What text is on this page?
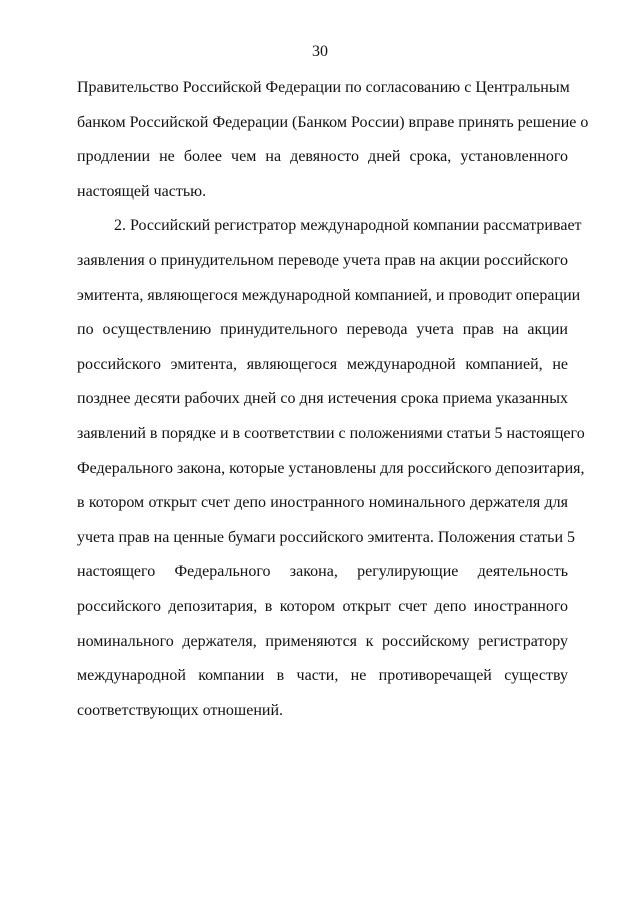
30
Правительство Российской Федерации по согласованию с Центральным
банком Российской Федерации (Банком России) вправе принять решение о
продлении не более чем на девяносто дней срока, установленного
настоящей частью.
2. Российский регистратор международной компании рассматривает
заявления о принудительном переводе учета прав на акции российского
эмитента, являющегося международной компанией, и проводит операции
по осуществлению принудительного перевода учета прав на акции
российского эмитента, являющегося международной компанией, не
позднее десяти рабочих дней со дня истечения срока приема указанных
заявлений в порядке и в соответствии с положениями статьи 5 настоящего
Федерального закона, которые установлены для российского депозитария,
в котором открыт счет депо иностранного номинального держателя для
учета прав на ценные бумаги российского эмитента. Положения статьи 5
настоящего Федерального закона, регулирующие деятельность
российского депозитария, в котором открыт счет депо иностранного
номинального держателя, применяются к российскому регистратору
международной компании в части, не противоречащей существу
соответствующих отношений.
